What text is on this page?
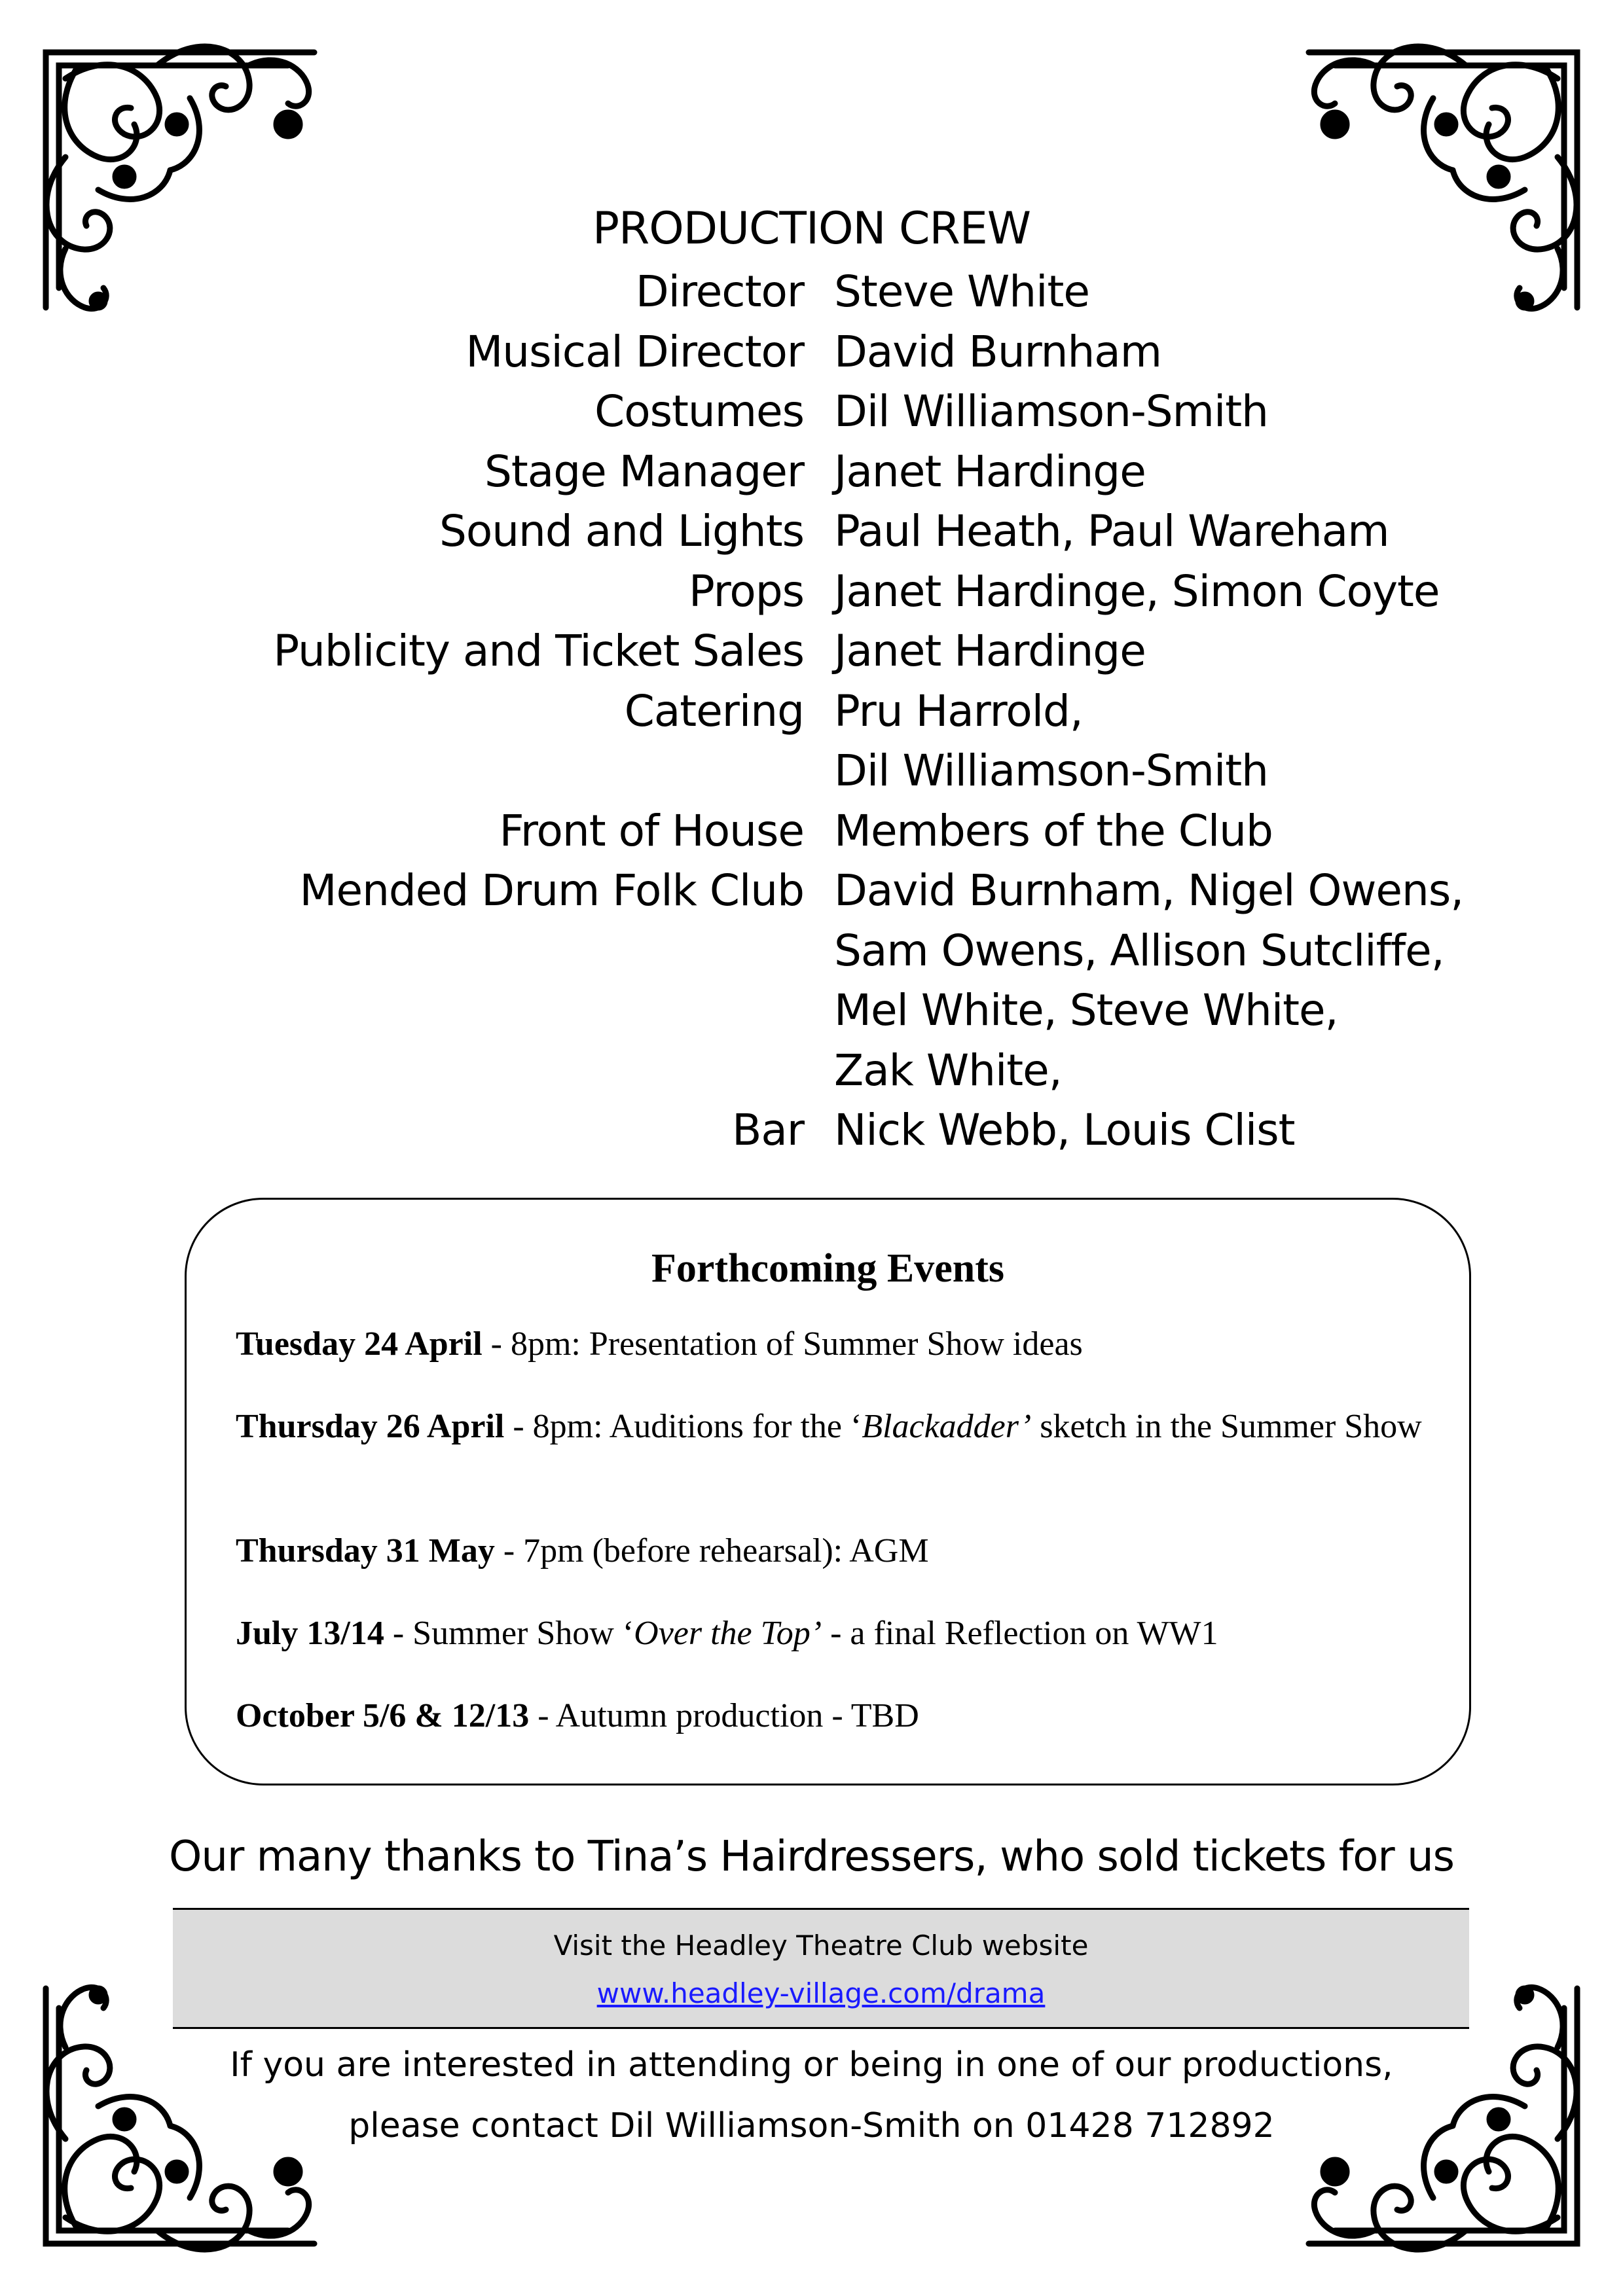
PRODUCTION CREW
Director Steve White
Musical Director David Burnham
Costumes Dil Williamson-Smith
Stage Manager Janet Hardinge
Sound and Lights Paul Heath, Paul Wareham
Props Janet Hardinge, Simon Coyte
Publicity and Ticket Sales Janet Hardinge
Catering Pru Harrold,
Dil Williamson-Smith
Front of House Members of the Club
Mended Drum Folk Club David Burnham, Nigel Owens,
Sam Owens, Allison Sutcliffe,
Mel White, Steve White,
Zak White,
Bar Nick Webb, Louis Clist
Forthcoming Events
Tuesday 24 April - 8pm: Presentation of Summer Show ideas
Thursday 26 April - 8pm: Auditions for the ‘Blackadder’ sketch in the Summer Show
Thursday 31 May - 7pm (before rehearsal): AGM
July 13/14 - Summer Show ‘Over the Top’ - a final Reflection on WW1
October 5/6 & 12/13 - Autumn production - TBD
Our many thanks to Tina’s Hairdressers, who sold tickets for us
Visit the Headley Theatre Club website
www.headley-village.com/drama
If you are interested in attending or being in one of our productions,
please contact Dil Williamson-Smith on 01428 712892
